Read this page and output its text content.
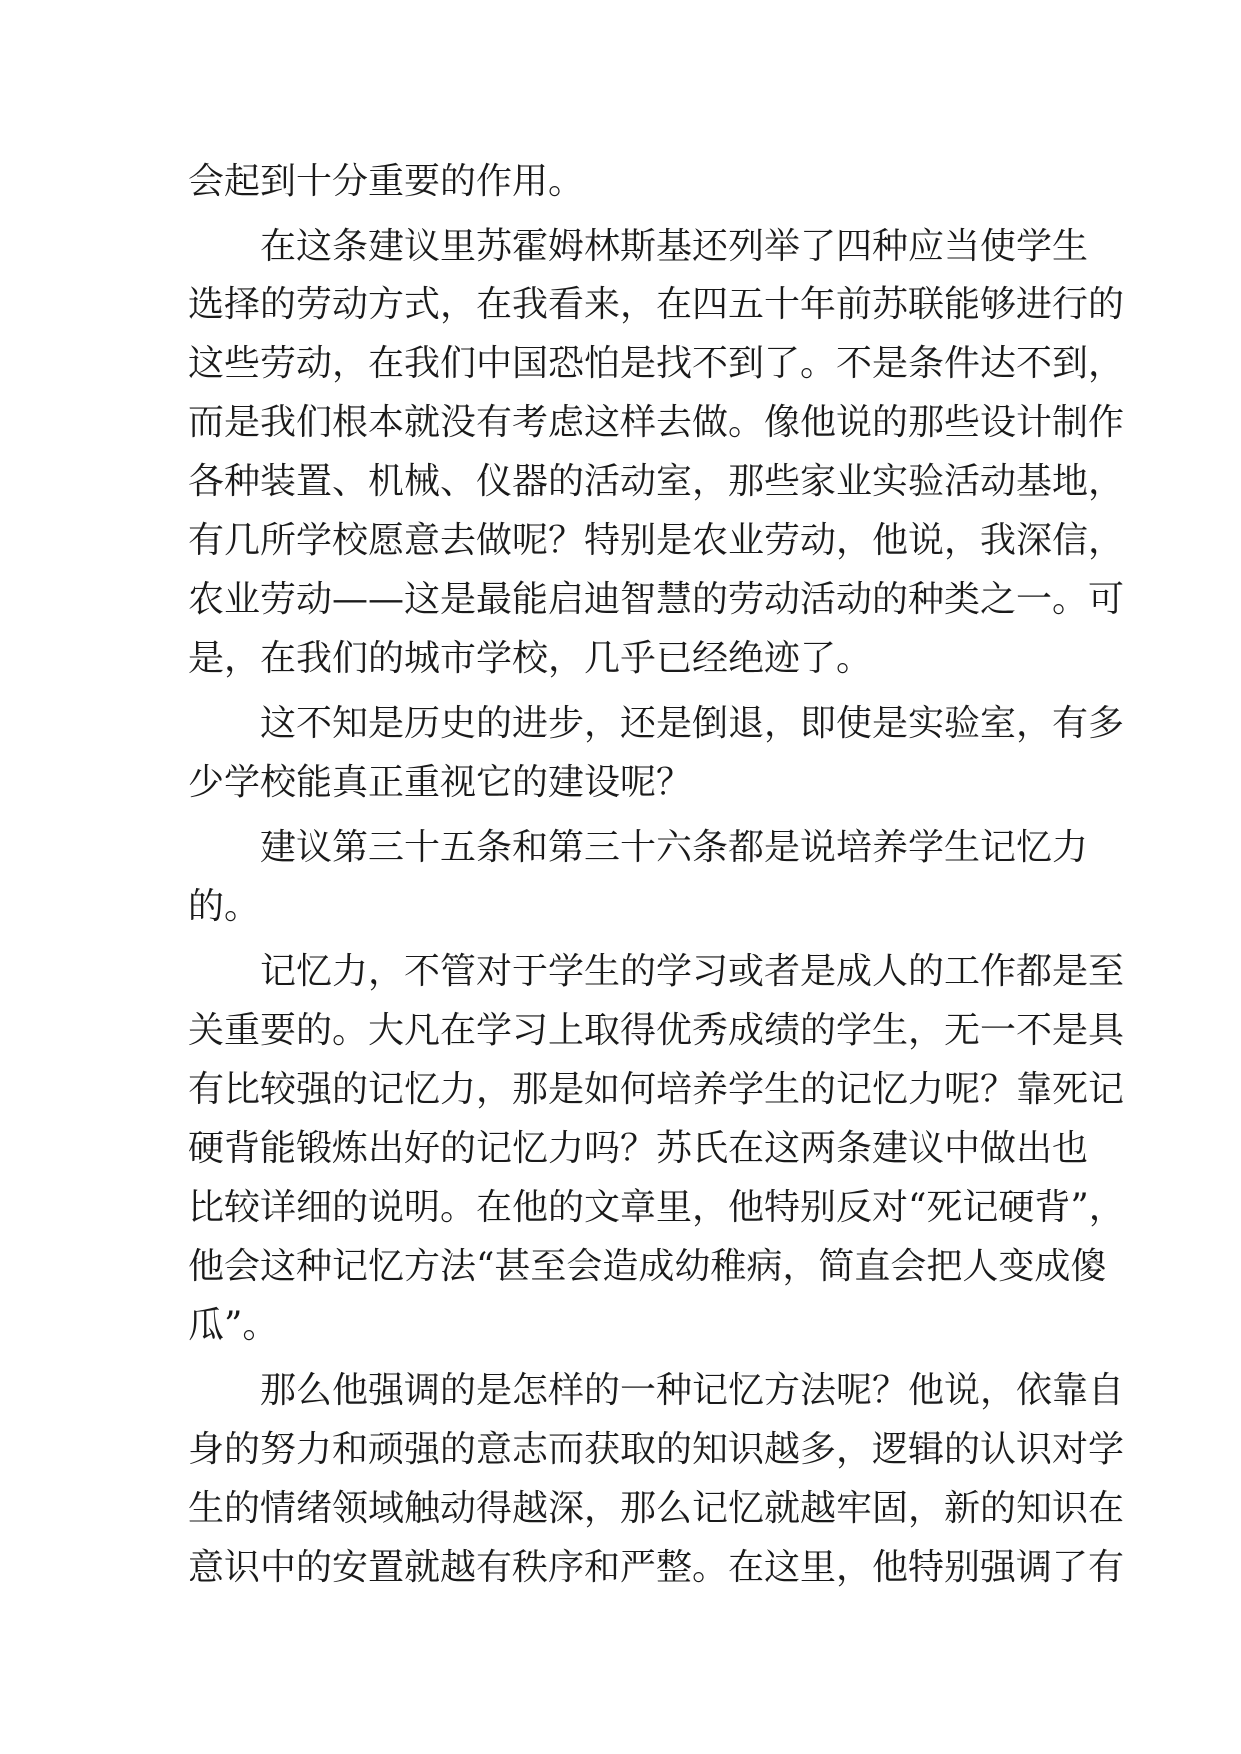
会起到十分重要的作用。
在这条建议里苏霍姆林斯基还列举了四种应当使学生
选择的劳动方式，在我看来，在四五十年前苏联能够进行的
这些劳动，在我们中国恐怕是找不到了。不是条件达不到，
而是我们根本就没有考虑这样去做。像他说的那些设计制作
各种装置、机械、仪器的活动室，那些家业实验活动基地，
有几所学校愿意去做呢？特别是农业劳动，他说，我深信，
农业劳动——这是最能启迪智慧的劳动活动的种类之一。可
是，在我们的城市学校，几乎已经绝迹了。
这不知是历史的进步，还是倒退，即使是实验室，有多
少学校能真正重视它的建设呢？
建议第三十五条和第三十六条都是说培养学生记忆力
的。
记忆力，不管对于学生的学习或者是成人的工作都是至
关重要的。大凡在学习上取得优秀成绩的学生，无一不是具
有比较强的记忆力，那是如何培养学生的记忆力呢？靠死记
硬背能锻炼出好的记忆力吗？苏氏在这两条建议中做出也
比较详细的说明。在他的文章里，他特别反对“死记硬背”，
他会这种记忆方法“甚至会造成幼稚病，简直会把人变成傻
瓜”。
那么他强调的是怎样的一种记忆方法呢？他说，依靠自
身的努力和顽强的意志而获取的知识越多，逻辑的认识对学
生的情绪领域触动得越深，那么记忆就越牢固，新的知识在
意识中的安置就越有秩序和严整。在这里，他特别强调了有
